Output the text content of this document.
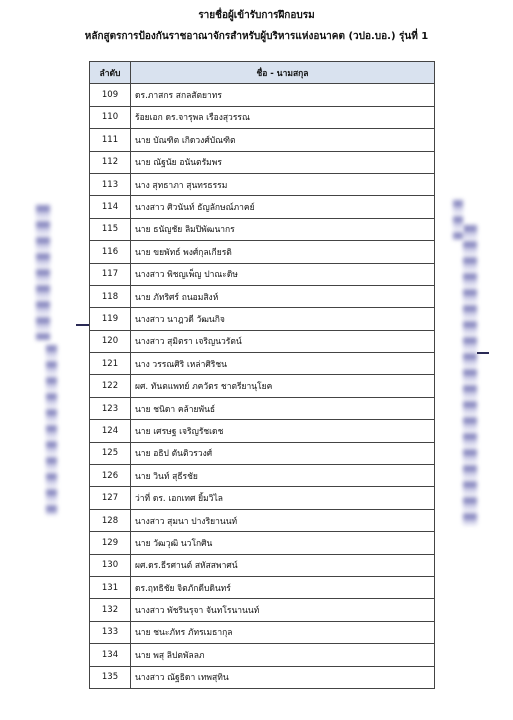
รายชื่อผู้เข้ารับการฝึกอบรม
หลักสูตรการป้องกันราชอาณาจักรสำหรับผู้บริหารแห่งอนาคต (วปอ.บอ.) รุ่นที่ 1
ลำดับ	ชื่อ - นามสกุล
109	ดร.ภาสกร สกลสัตยาทร
110	ร้อยเอก ดร.จารุพล เรืองสุวรรณ
111	นาย บัณฑิต เกิดวงศ์บัณฑิต
112	นาย ณัฐนัย อนันตรัมพร
113	นาง สุทธาภา สุนทรธรรม
114	นางสาว ศิวนันท์ ธัญลักษณ์ภาคย์
115	นาย ธนัญชัย ลิมปิพัฒนากร
116	นาย ขยพัทธ์ พงศ์กุลเกียรติ
117	นางสาว พิชญเพ็ญ ปาณะดิษ
118	นาย ภัทริศร์ ถนอมสิงห์
119	นางสาว นาฎวดี วัฒนกิจ
120	นางสาว สุมิตรา เจริญนวรัตน์
121	นาง วรรณศิริ เหล่าศิริชน
122	ผศ. ทันตแพทย์ ภควัตร ชาตรียานุโยค
123	นาย ชนิดา คล้ายพันธ์
124	นาย เศรษฐ เจริญรัชเดช
125	นาย อธิป ตันติวรวงศ์
126	นาย วินท์ สุธีรชัย
127	ว่าที่ ดร. เอกเทศ ยิ้มวิไล
128	นางสาว สุมนา ปางริยานนท์
129	นาย วัฒวุฒิ นวโกศิน
130	ผศ.ดร.ธีรศานต์ สหัสสพาศน์
131	ดร.ฤทธิชัย จิตภักดีบดินทร์
132	นางสาว พัชรินรุจา จันทโรนานนท์
133	นาย ชนะภัทร ภัทรเมธากุล
134	นาย พสุ ลิปตพัลลภ
135	นางสาว ณัฐธิดา เทพสุทิน
